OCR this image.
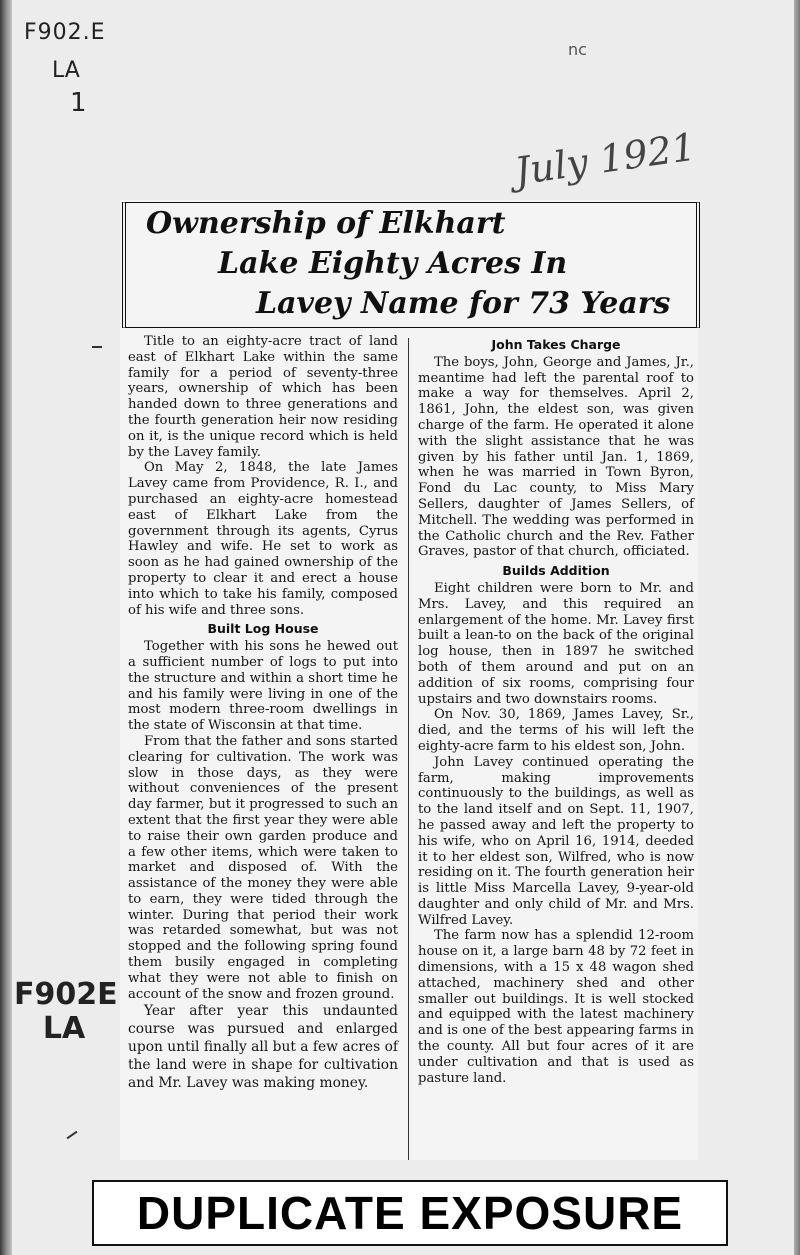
F902.E
LA
1
nc
July 1921
F902E
LA
Ownership of Elkhart
Lake Eighty Acres In
Lavey Name for 73 Years

Title to an eighty-acre tract of land east of Elkhart Lake within the same family for a period of seventy-three years, ownership of which has been handed down to three generations and the fourth generation heir now residing on it, is the unique record which is held by the Lavey family.

On May 2, 1848, the late James Lavey came from Providence, R. I., and purchased an eighty-acre homestead east of Elkhart Lake from the government through its agents, Cyrus Hawley and wife. He set to work as soon as he had gained ownership of the property to clear it and erect a house into which to take his family, composed of his wife and three sons.

Built Log House

Together with his sons he hewed out a sufficient number of logs to put into the structure and within a short time he and his family were living in one of the most modern three-room dwellings in the state of Wisconsin at that time.

From that the father and sons started clearing for cultivation. The work was slow in those days, as they were without conveniences of the present day farmer, but it progressed to such an extent that the first year they were able to raise their own garden produce and a few other items, which were taken to market and disposed of. With the assistance of the money they were able to earn, they were tided through the winter. During that period their work was retarded somewhat, but was not stopped and the following spring found them busily engaged in completing what they were not able to finish on account of the snow and frozen ground.

Year after year this undaunted course was pursued and enlarged upon until finally all but a few acres of the land were in shape for cultivation and Mr. Lavey was making money.

John Takes Charge

The boys, John, George and James, Jr., meantime had left the parental roof to make a way for themselves. April 2, 1861, John, the eldest son, was given charge of the farm. He operated it alone with the slight assistance that he was given by his father until Jan. 1, 1869, when he was married in Town Byron, Fond du Lac county, to Miss Mary Sellers, daughter of James Sellers, of Mitchell. The wedding was performed in the Catholic church and the Rev. Father Graves, pastor of that church, officiated.

Builds Addition

Eight children were born to Mr. and Mrs. Lavey, and this required an enlargement of the home. Mr. Lavey first built a lean-to on the back of the original log house, then in 1897 he switched both of them around and put on an addition of six rooms, comprising four upstairs and two downstairs rooms.

On Nov. 30, 1869, James Lavey, Sr., died, and the terms of his will left the eighty-acre farm to his eldest son, John.

John Lavey continued operating the farm, making improvements continuously to the buildings, as well as to the land itself and on Sept. 11, 1907, he passed away and left the property to his wife, who on April 16, 1914, deeded it to her eldest son, Wilfred, who is now residing on it. The fourth generation heir is little Miss Marcella Lavey, 9-year-old daughter and only child of Mr. and Mrs. Wilfred Lavey.

The farm now has a splendid 12-room house on it, a large barn 48 by 72 feet in dimensions, with a 15 x 48 wagon shed attached, machinery shed and other smaller out buildings. It is well stocked and equipped with the latest machinery and is one of the best appearing farms in the county. All but four acres of it are under cultivation and that is used as pasture land.

DUPLICATE EXPOSURE
